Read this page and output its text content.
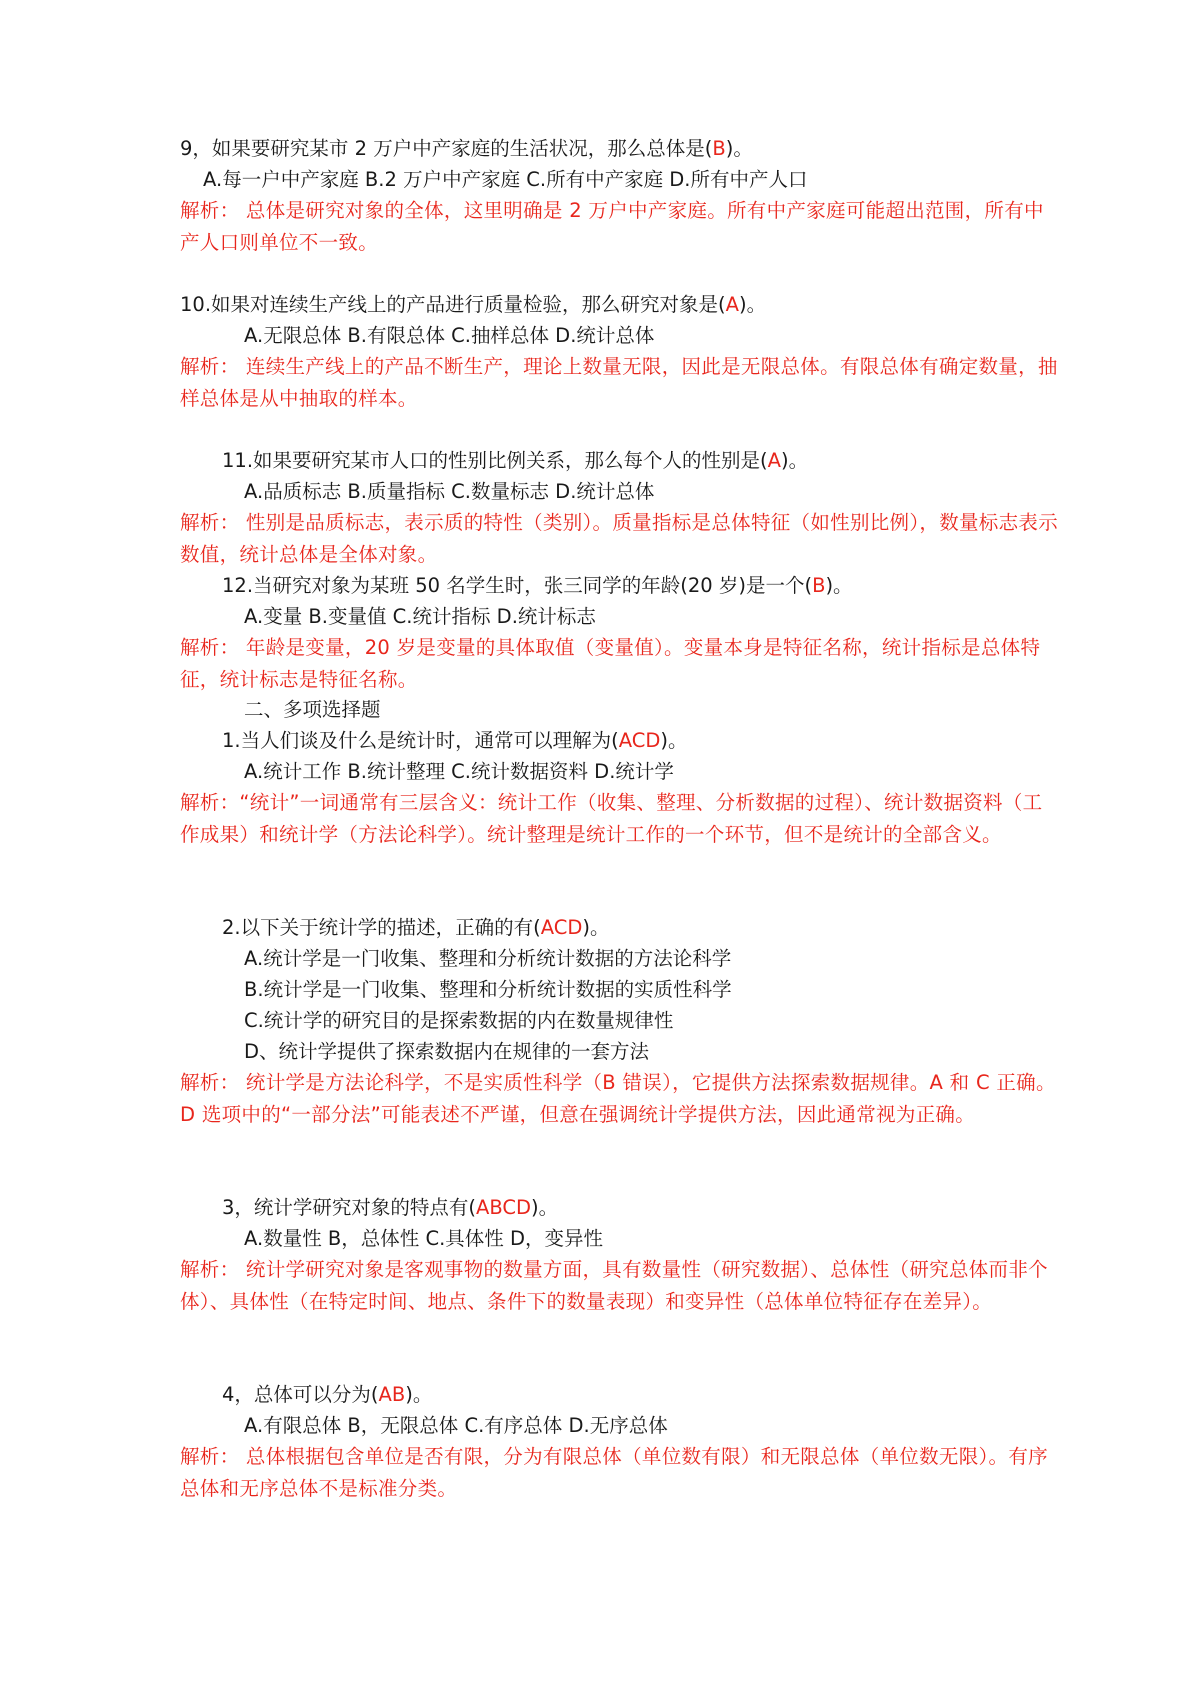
9，如果要研究某市 2 万户中产家庭的生活状况，那么总体是(B)。

A.每一户中产家庭 B.2 万户中产家庭 C.所有中产家庭 D.所有中产人口

解析： 总体是研究对象的全体，这里明确是 2 万户中产家庭。所有中产家庭可能超出范围，所有中产人口则单位不一致。

10.如果对连续生产线上的产品进行质量检验，那么研究对象是(A)。

A.无限总体 B.有限总体 C.抽样总体 D.统计总体

解析： 连续生产线上的产品不断生产，理论上数量无限，因此是无限总体。有限总体有确定数量，抽样总体是从中抽取的样本。

11.如果要研究某市人口的性别比例关系，那么每个人的性别是(A)。

A.品质标志 B.质量指标 C.数量标志 D.统计总体

解析： 性别是品质标志，表示质的特性（类别）。质量指标是总体特征（如性别比例），数量标志表示数值，统计总体是全体对象。

12.当研究对象为某班 50 名学生时，张三同学的年龄(20 岁)是一个(B)。

A.变量 B.变量值 C.统计指标 D.统计标志

解析： 年龄是变量，20 岁是变量的具体取值（变量值）。变量本身是特征名称，统计指标是总体特征，统计标志是特征名称。

二、多项选择题

1.当人们谈及什么是统计时，通常可以理解为(ACD)。

A.统计工作 B.统计整理 C.统计数据资料 D.统计学

解析：“统计”一词通常有三层含义：统计工作（收集、整理、分析数据的过程）、统计数据资料（工作成果）和统计学（方法论科学）。统计整理是统计工作的一个环节，但不是统计的全部含义。

2.以下关于统计学的描述，正确的有(ACD)。

A.统计学是一门收集、整理和分析统计数据的方法论科学

B.统计学是一门收集、整理和分析统计数据的实质性科学

C.统计学的研究目的是探索数据的内在数量规律性

D、统计学提供了探索数据内在规律的一套方法

解析： 统计学是方法论科学，不是实质性科学（B 错误），它提供方法探索数据规律。A 和 C 正确。D 选项中的“一部分法”可能表述不严谨，但意在强调统计学提供方法，因此通常视为正确。

3，统计学研究对象的特点有(ABCD)。

A.数量性 B，总体性 C.具体性 D，变异性

解析： 统计学研究对象是客观事物的数量方面，具有数量性（研究数据）、总体性（研究总体而非个体）、具体性（在特定时间、地点、条件下的数量表现）和变异性（总体单位特征存在差异）。

4，总体可以分为(AB)。

A.有限总体 B，无限总体 C.有序总体 D.无序总体

解析： 总体根据包含单位是否有限，分为有限总体（单位数有限）和无限总体（单位数无限）。有序总体和无序总体不是标准分类。
